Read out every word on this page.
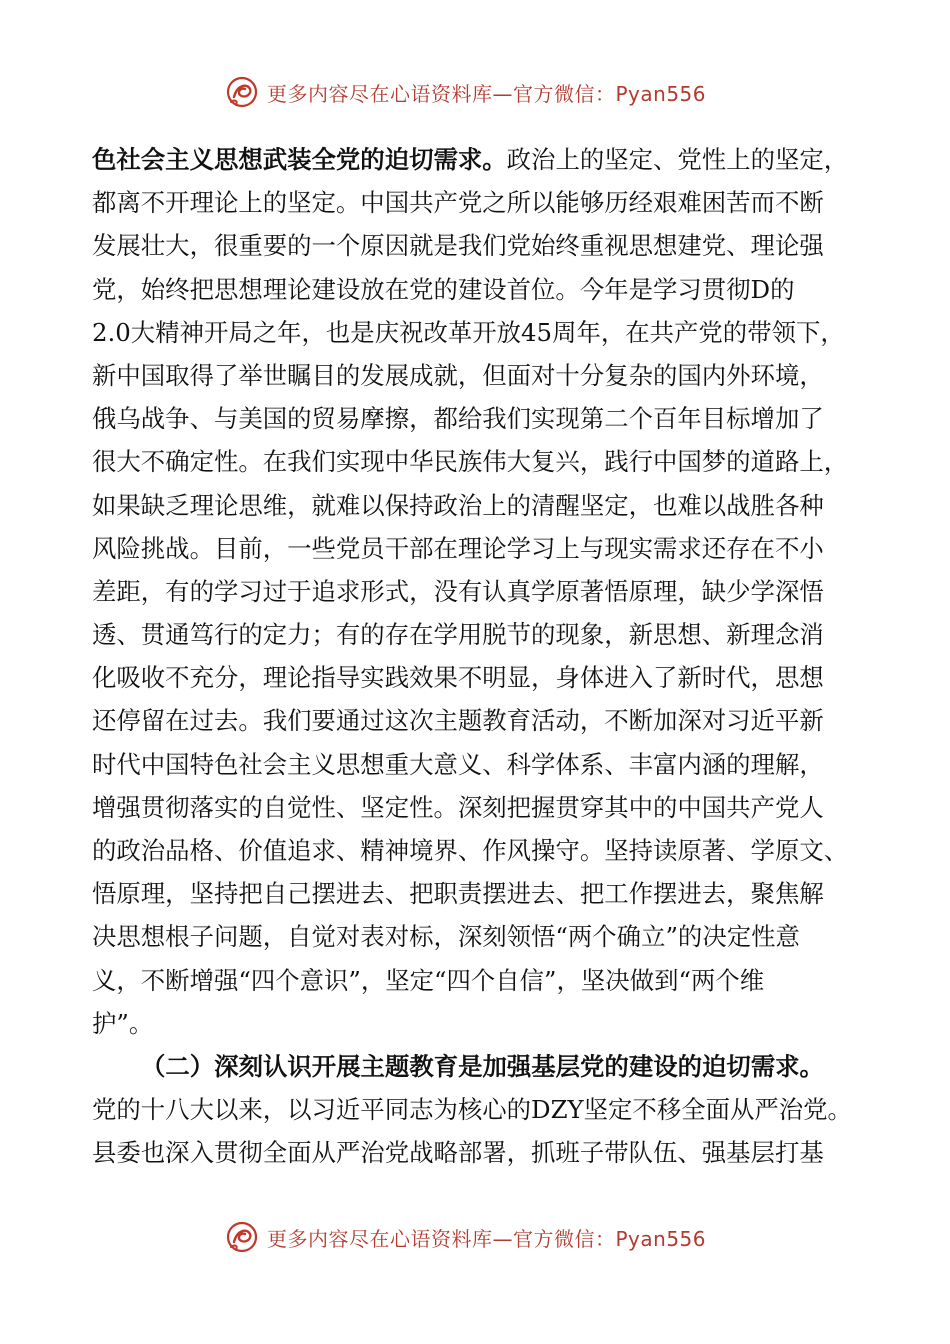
更多内容尽在心语资料库—官方微信：Pyan556
色社会主义思想武装全党的迫切需求。政治上的坚定、党性上的坚定，
都离不开理论上的坚定。中国共产党之所以能够历经艰难困苦而不断
发展壮大，很重要的一个原因就是我们党始终重视思想建党、理论强
党，始终把思想理论建设放在党的建设首位。今年是学习贯彻D的
2.0大精神开局之年，也是庆祝改革开放45周年，在共产党的带领下，
新中国取得了举世瞩目的发展成就，但面对十分复杂的国内外环境，
俄乌战争、与美国的贸易摩擦，都给我们实现第二个百年目标增加了
很大不确定性。在我们实现中华民族伟大复兴，践行中国梦的道路上，
如果缺乏理论思维，就难以保持政治上的清醒坚定，也难以战胜各种
风险挑战。目前，一些党员干部在理论学习上与现实需求还存在不小
差距，有的学习过于追求形式，没有认真学原著悟原理，缺少学深悟
透、贯通笃行的定力；有的存在学用脱节的现象，新思想、新理念消
化吸收不充分，理论指导实践效果不明显，身体进入了新时代，思想
还停留在过去。我们要通过这次主题教育活动，不断加深对习近平新
时代中国特色社会主义思想重大意义、科学体系、丰富内涵的理解，
增强贯彻落实的自觉性、坚定性。深刻把握贯穿其中的中国共产党人
的政治品格、价值追求、精神境界、作风操守。坚持读原著、学原文、
悟原理，坚持把自己摆进去、把职责摆进去、把工作摆进去，聚焦解
决思想根子问题，自觉对表对标，深刻领悟“两个确立”的决定性意
义，不断增强“四个意识”，坚定“四个自信”，坚决做到“两个维
护”。
（二）深刻认识开展主题教育是加强基层党的建设的迫切需求。
党的十八大以来，以习近平同志为核心的DZY坚定不移全面从严治党。
县委也深入贯彻全面从严治党战略部署，抓班子带队伍、强基层打基
更多内容尽在心语资料库—官方微信：Pyan556
